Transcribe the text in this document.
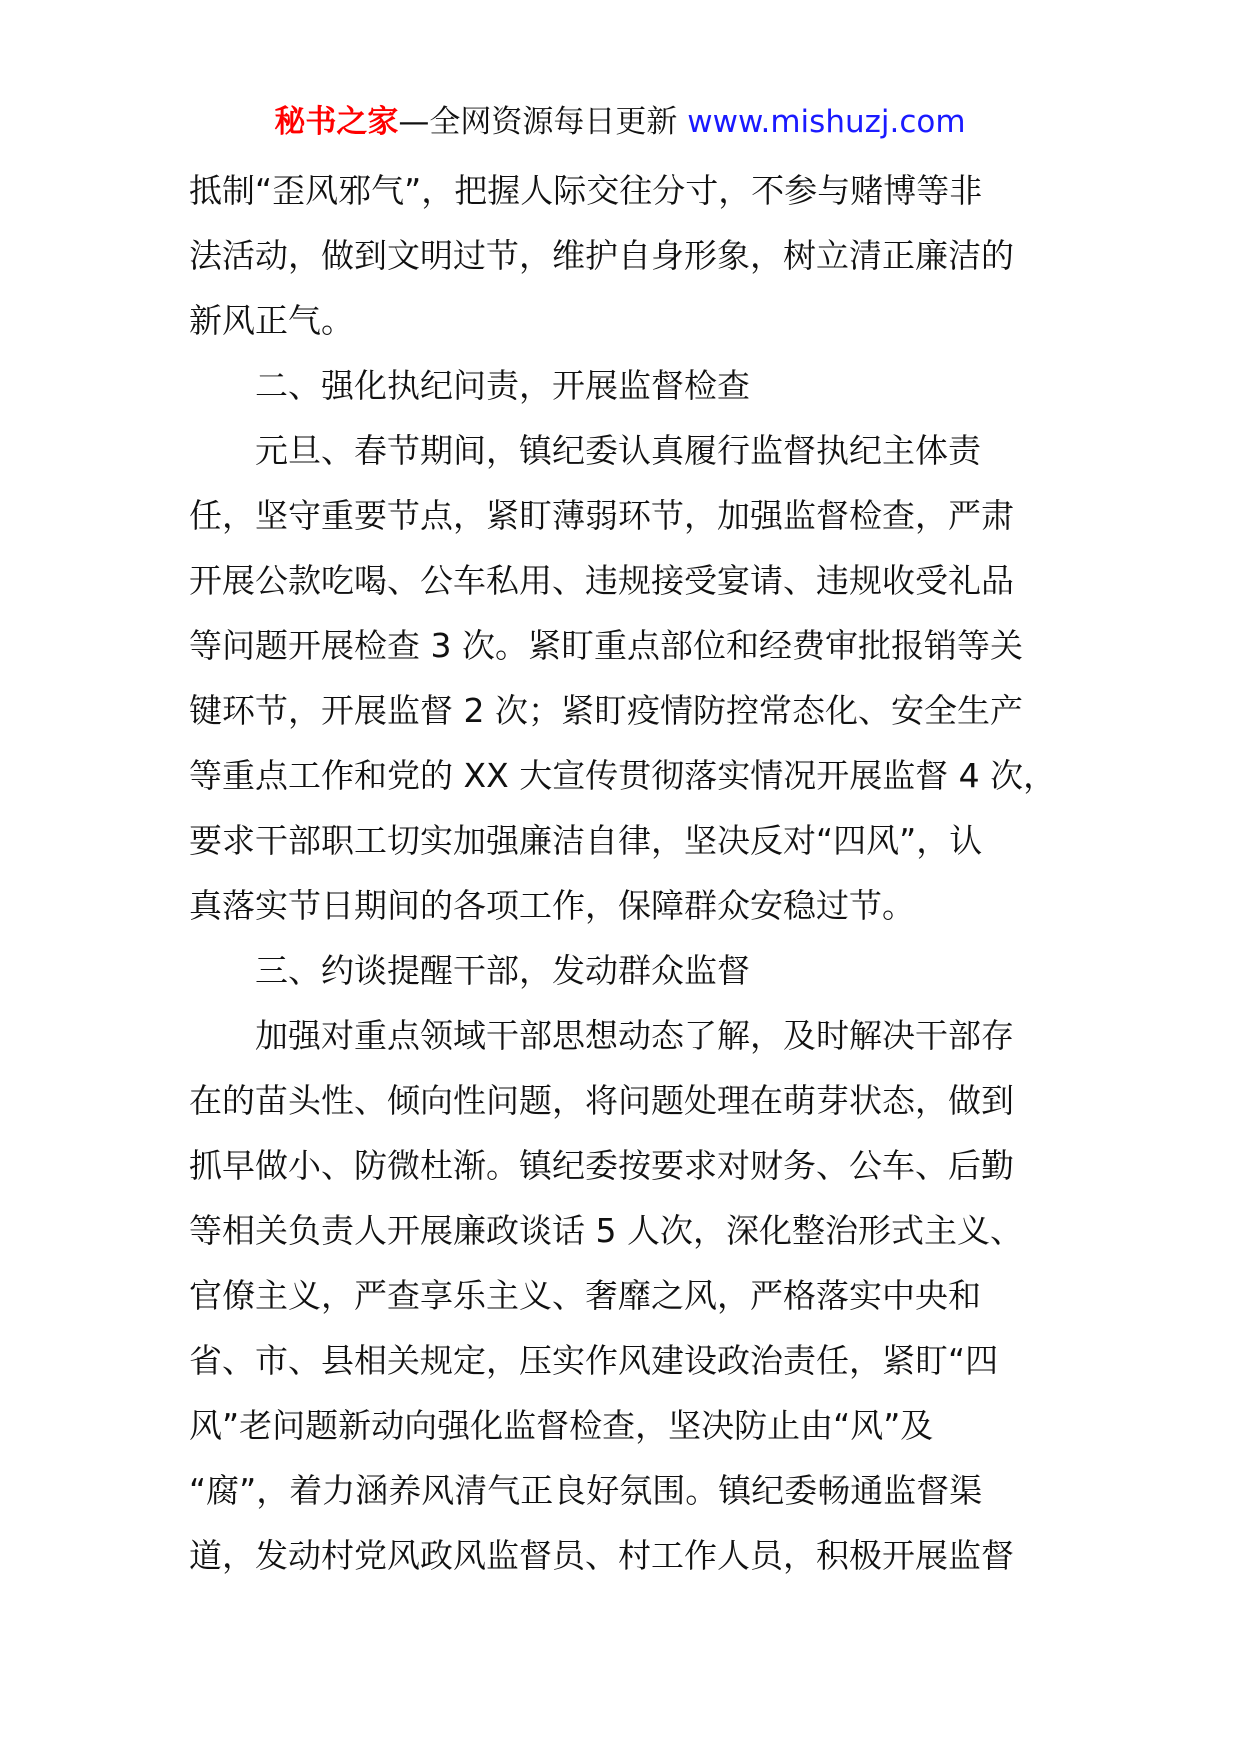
秘书之家—全网资源每日更新 www.mishuzj.com
抵制“歪风邪气”，把握人际交往分寸，不参与赌博等非
法活动，做到文明过节，维护自身形象，树立清正廉洁的
新风正气。
二、强化执纪问责，开展监督检查
元旦、春节期间，镇纪委认真履行监督执纪主体责
任，坚守重要节点，紧盯薄弱环节，加强监督检查，严肃
开展公款吃喝、公车私用、违规接受宴请、违规收受礼品
等问题开展检查 3 次。紧盯重点部位和经费审批报销等关
键环节，开展监督 2 次；紧盯疫情防控常态化、安全生产
等重点工作和党的 XX 大宣传贯彻落实情况开展监督 4 次，
要求干部职工切实加强廉洁自律，坚决反对“四风”，认
真落实节日期间的各项工作，保障群众安稳过节。
三、约谈提醒干部，发动群众监督
加强对重点领域干部思想动态了解，及时解决干部存
在的苗头性、倾向性问题，将问题处理在萌芽状态，做到
抓早做小、防微杜渐。镇纪委按要求对财务、公车、后勤
等相关负责人开展廉政谈话 5 人次，深化整治形式主义、
官僚主义，严查享乐主义、奢靡之风，严格落实中央和
省、市、县相关规定，压实作风建设政治责任，紧盯“四
风”老问题新动向强化监督检查，坚决防止由“风”及
“腐”，着力涵养风清气正良好氛围。镇纪委畅通监督渠
道，发动村党风政风监督员、村工作人员，积极开展监督
